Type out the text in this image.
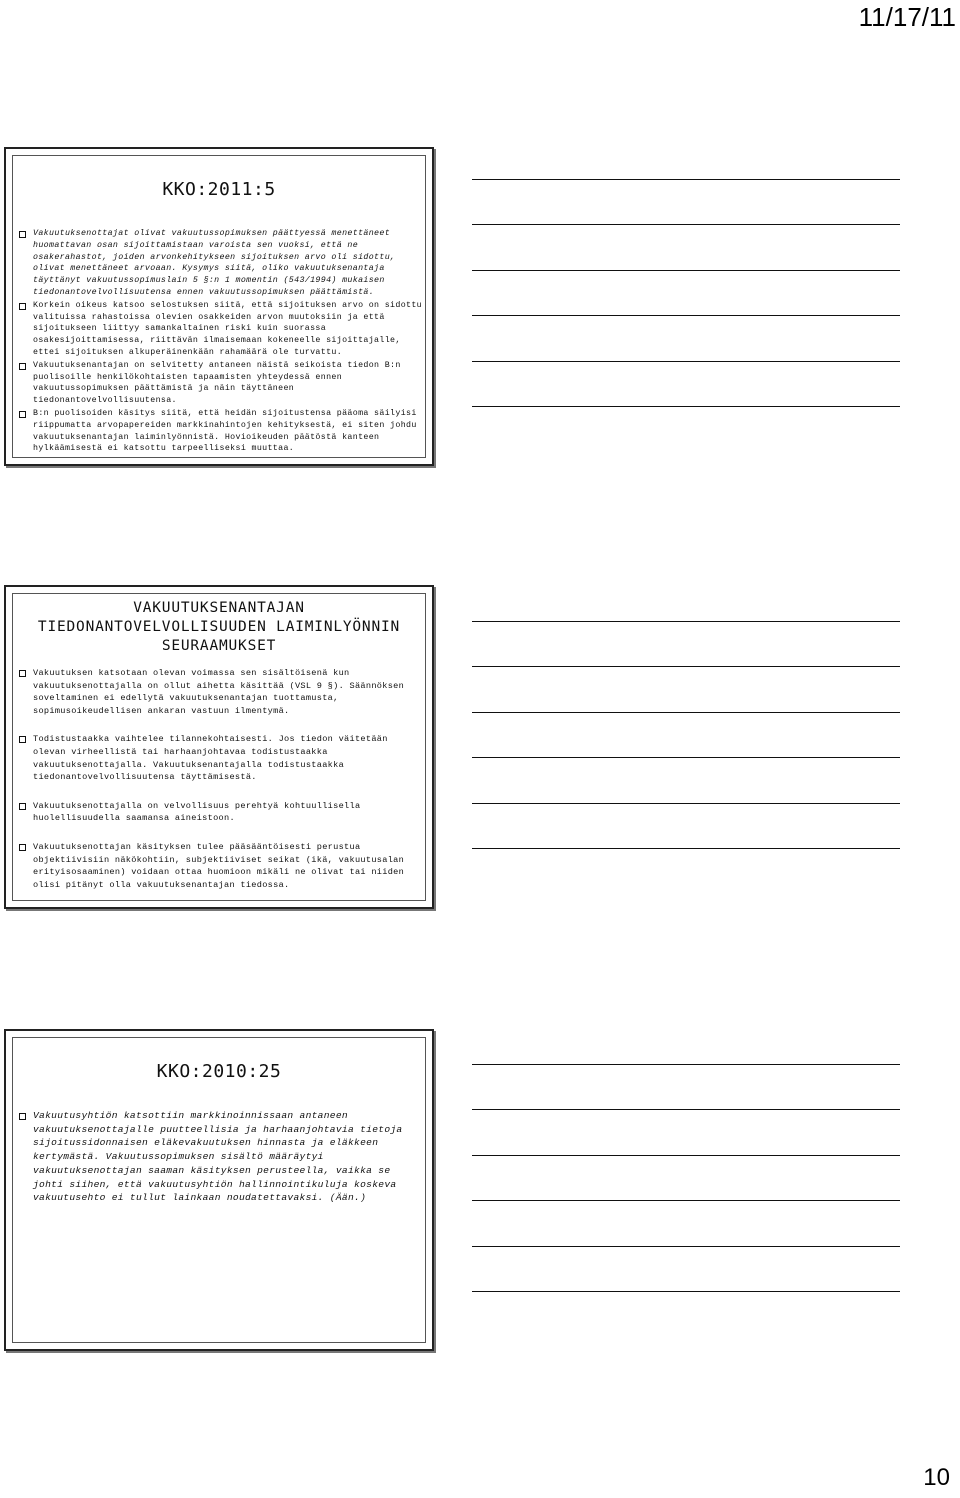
11/17/11
KKO:2011:5
Vakuutuksenottajat olivat vakuutussopimuksen päättyessä menettäneet huomattavan osan sijoittamistaan varoista sen vuoksi, että ne osakerahastot, joiden arvonkehitykseen sijoituksen arvo oli sidottu, olivat menettäneet arvoaan. Kysymys siitä, oliko vakuutuksenantaja täyttänyt vakuutussopimuslain 5 §:n 1 momentin (543/1994) mukaisen tiedonantovelvollisuutensa ennen vakuutussopimuksen päättämistä.
Korkein oikeus katsoo selostuksen siitä, että sijoituksen arvo on sidottu valituissa rahastoissa olevien osakkeiden arvon muutoksiin ja että sijoitukseen liittyy samankaltainen riski kuin suorassa osakesijoittamisessa, riittävän ilmaisemaan kokeneelle sijoittajalle, ettei sijoituksen alkuperäinenkään rahamäärä ole turvattu.
Vakuutuksenantajan on selvitetty antaneen näistä seikoista tiedon B:n puolisoille henkilökohtaisten tapaamisten yhteydessä ennen vakuutussopimuksen päättämistä ja näin täyttäneen tiedonantovelvollisuutensa.
B:n puolisoiden käsitys siitä, että heidän sijoitustensa pääoma säilyisi riippumatta arvopapereiden markkinahintojen kehityksestä, ei siten johdu vakuutuksenantajan laiminlyönnistä. Hovioikeuden päätöstä kanteen hylkäämisestä ei katsottu tarpeelliseksi muuttaa.
VAKUUTUKSENANTAJAN
TIEDONANTOVELVOLLISUUDEN LAIMINLYÖNNIN
SEURAAMUKSET
Vakuutuksen katsotaan olevan voimassa sen sisältöisenä kun vakuutuksenottajalla on ollut aihetta käsittää (VSL 9 §). Säännöksen soveltaminen ei edellytä vakuutuksenantajan tuottamusta, sopimusoikeudellisen ankaran vastuun ilmentymä.
Todistustaakka vaihtelee tilannekohtaisesti. Jos tiedon väitetään olevan virheellistä tai harhaanjohtavaa todistustaakka vakuutuksenottajalla. Vakuutuksenantajalla todistustaakka tiedonantovelvollisuutensa täyttämisestä.
Vakuutuksenottajalla on velvollisuus perehtyä kohtuullisella huolellisuudella saamansa aineistoon.
Vakuutuksenottajan käsityksen tulee pääsääntöisesti perustua objektiivisiin näkökohtiin, subjektiiviset seikat (ikä, vakuutusalan erityisosaaminen) voidaan ottaa huomioon mikäli ne olivat tai niiden olisi pitänyt olla vakuutuksenantajan tiedossa.
KKO:2010:25
Vakuutusyhtiön katsottiin markkinoinnissaan antaneen vakuutuksenottajalle puutteellisia ja harhaanjohtavia tietoja sijoitussidonnaisen eläkevakuutuksen hinnasta ja eläkkeen kertymästä. Vakuutussopimuksen sisältö määräytyi vakuutuksenottajan saaman käsityksen perusteella, vaikka se johti siihen, että vakuutusyhtiön hallinnointikuluja koskeva vakuutusehto ei tullut lainkaan noudatettavaksi. (Ään.)
10
